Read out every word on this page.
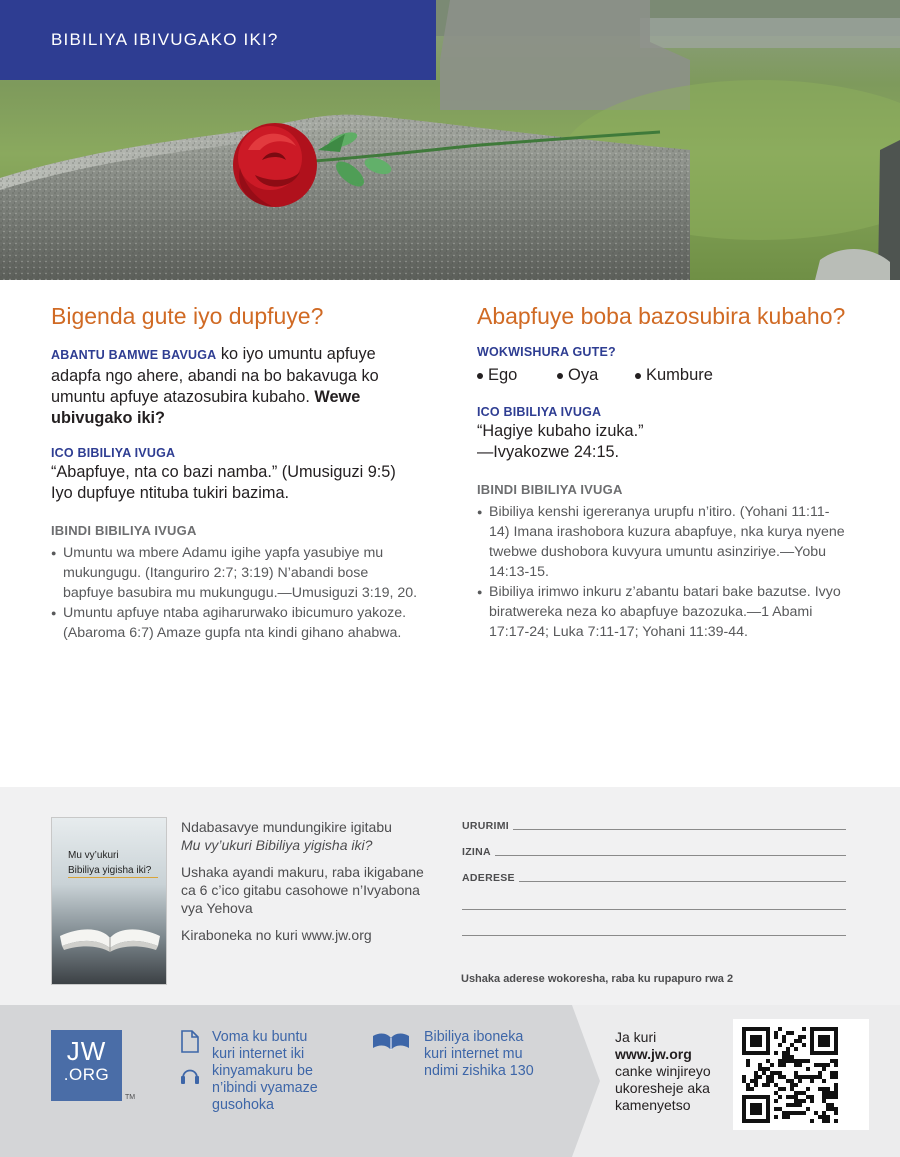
BIBILIYA IBIVUGAKO IKI?
Bigenda gute iyo dupfuye?

ABANTU BAMWE BAVUGA ko iyo umuntu apfuye adapfa ngo ahere, abandi na bo bakavuga ko umuntu apfuye atazosubira kubaho. Wewe ubivugako iki?

ICO BIBILIYA IVUGA

“Abapfuye, nta co bazi namba.” (Umusiguzi 9:5) Iyo dupfuye ntituba tukiri bazima.

IBINDI BIBILIYA IVUGA
● Umuntu wa mbere Adamu igihe yapfa yasubiye mu mukungugu. (Itanguriro 2:7; 3:19) N’abandi bose bapfuye basubira mu mukungugu.—Umusiguzi 3:19, 20.
● Umuntu apfuye ntaba agiharurwako ibicumuro yakoze. (Abaroma 6:7) Amaze gupfa nta kindi gihano ahabwa.
Abapfuye boba bazosubira kubaho?
WOKWISHURA GUTE?
Ego	Oya	Kumbure
ICO BIBILIYA IVUGA

“Hagiye kubaho izuka.”

—Ivyakozwe 24:15.

IBINDI BIBILIYA IVUGA
● Bibiliya kenshi igereranya urupfu n’itiro. (Yohani 11:11-14) Imana irashobora kuzura abapfuye, nka kurya nyene twebwe dushobora kuvyura umuntu asinziriye.—Yobu 14:13-15.
● Bibiliya irimwo inkuru z’abantu batari bake bazutse. Ivyo biratwereka neza ko abapfuye bazozuka.—1 Abami 17:17-24; Luka 7:11-17; Yohani 11:39-44.
Mu vy’ukuri
Bibiliya yigisha iki?

Ndabasavye mundungikire igitabu
Mu vy’ukuri Bibiliya yigisha iki?

Ushaka ayandi makuru, raba ikigabane ca 6 c’ico gitabu casohowe n’Ivyabona vya Yehova

Kiraboneka no kuri www.jw.org

URURIMI
IZINA
ADERESE
Ushaka aderese wokoresha, raba ku rupapuro rwa 2
JW
.ORG
TM
Voma ku buntu
kuri internet iki
kinyamakuru be
n’ibindi vyamaze
gusohoka
Bibiliya iboneka
kuri internet mu
ndimi zishika 130
Ja kuri
www.jw.org
canke winjireyo
ukoresheje aka
kamenyetso
